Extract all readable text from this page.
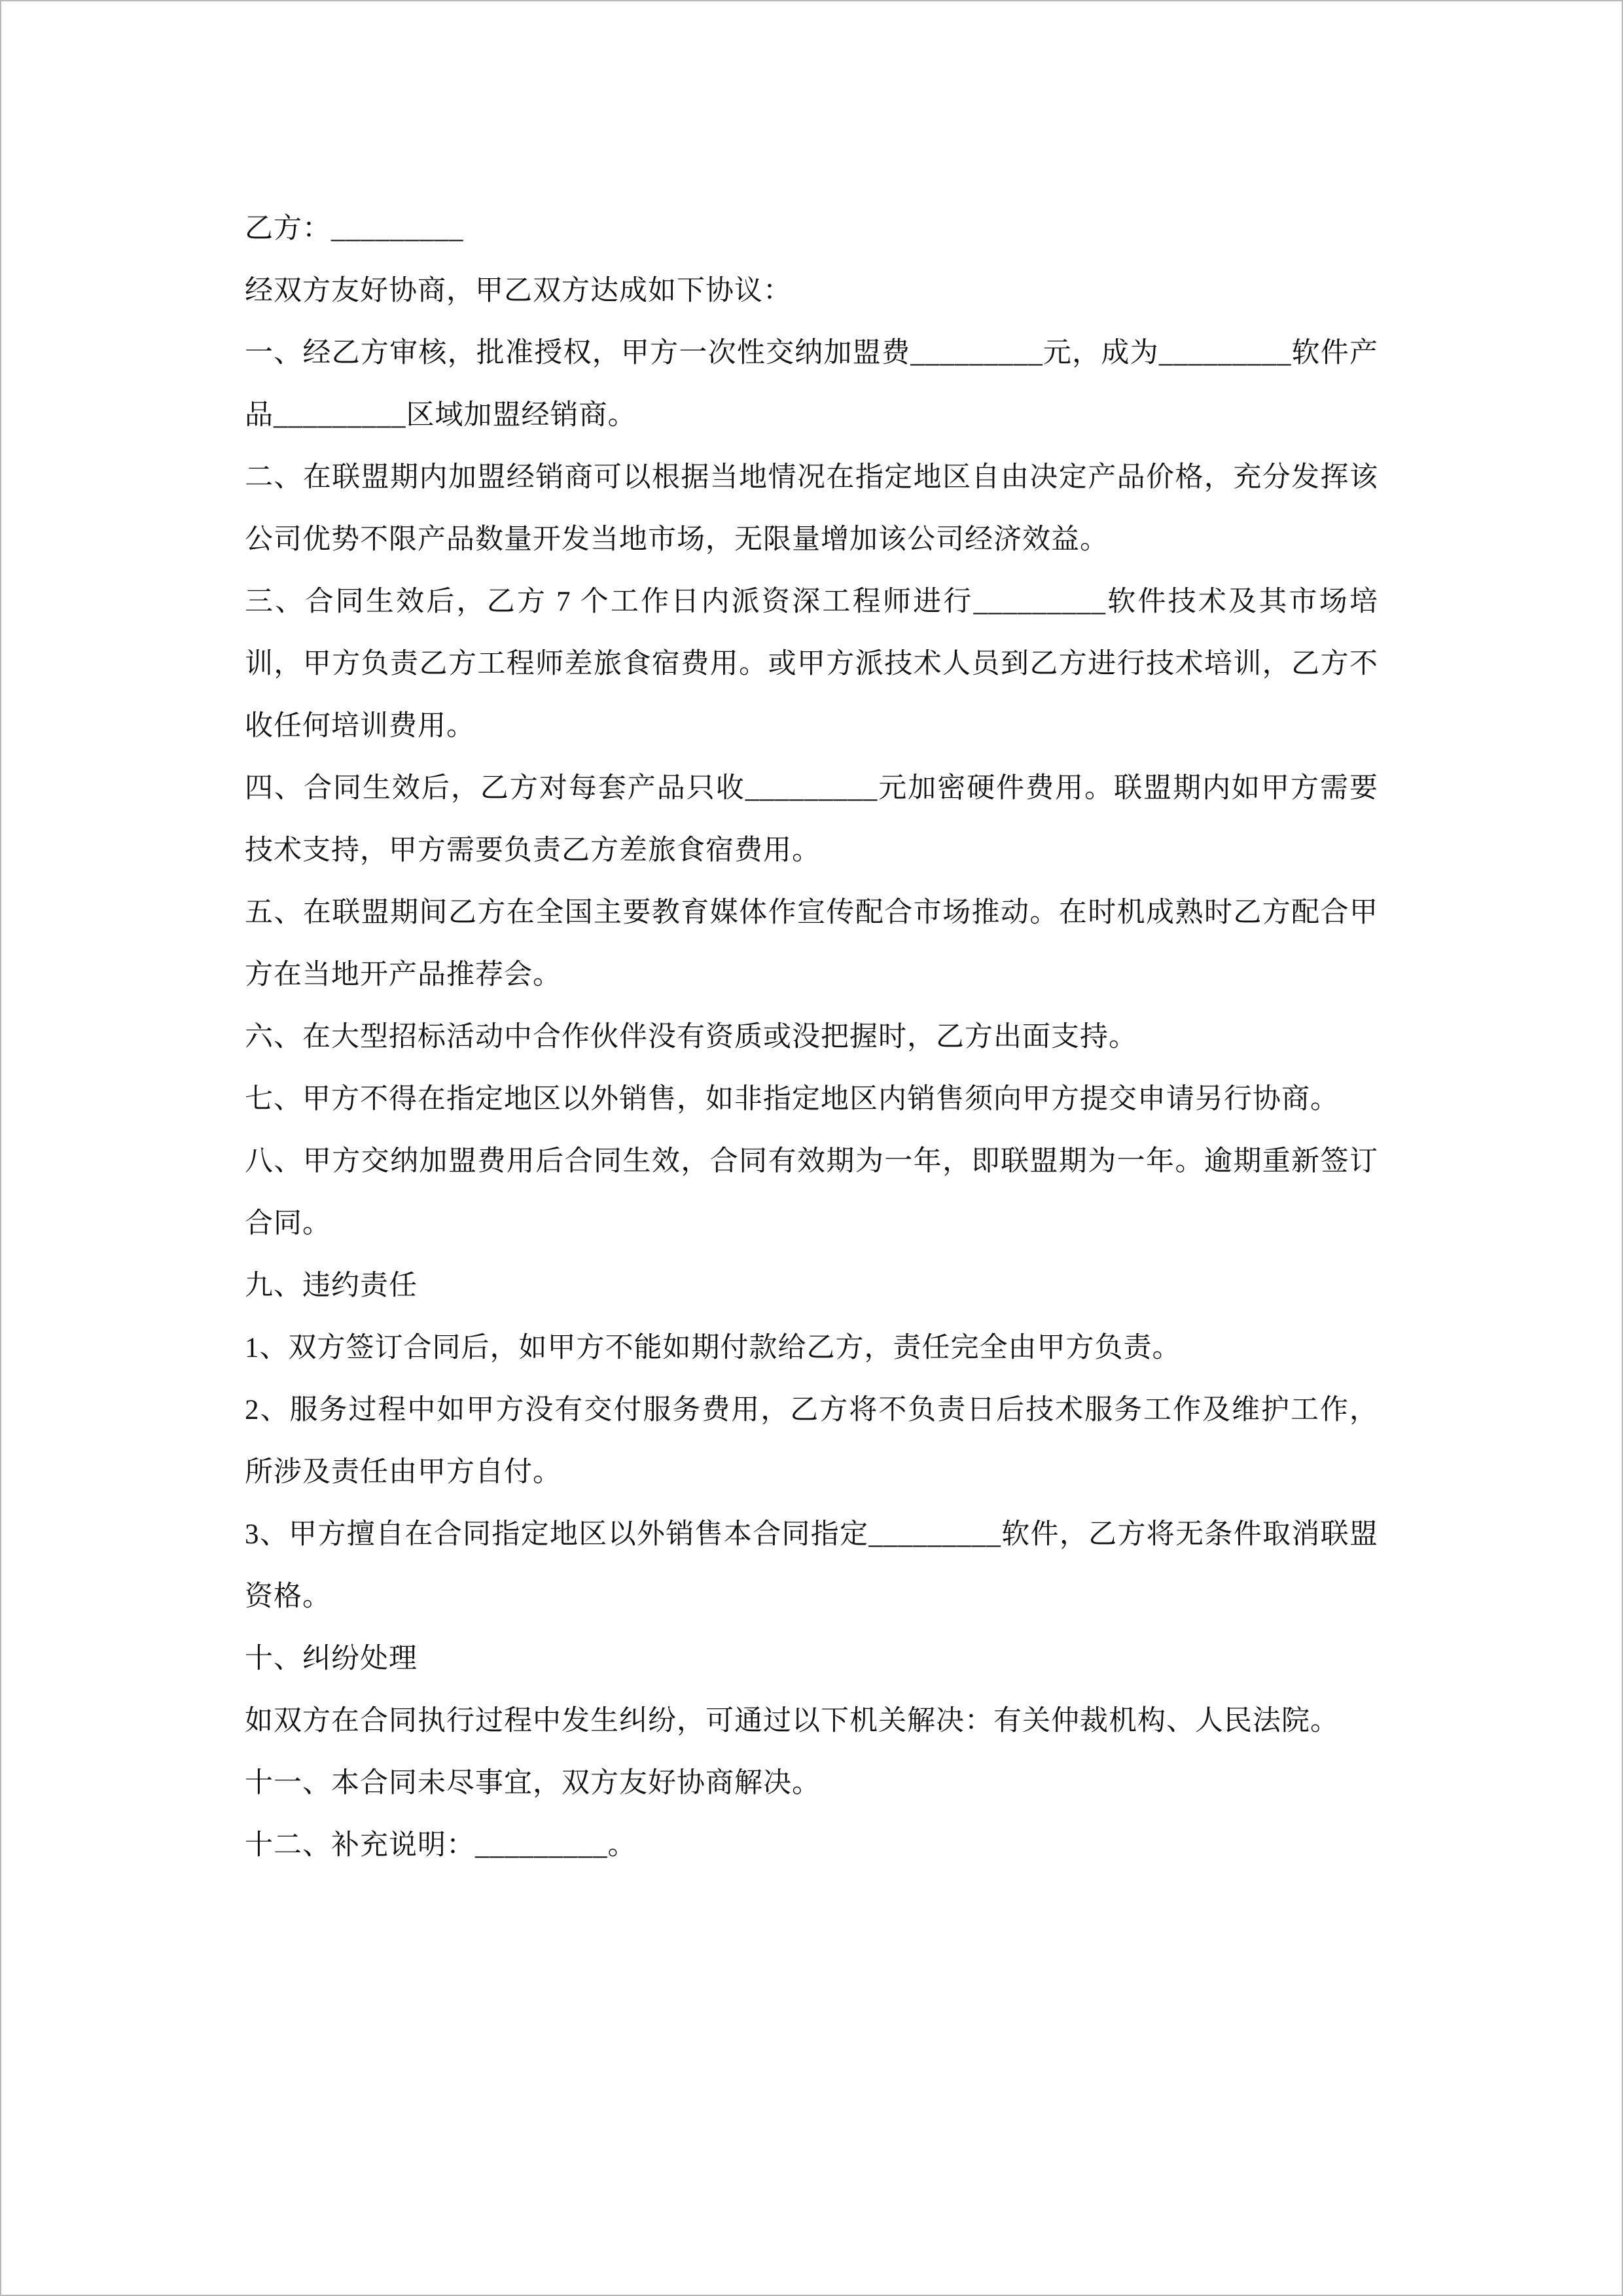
乙方：_________

经双方友好协商，甲乙双方达成如下协议：

一、经乙方审核，批准授权，甲方一次性交纳加盟费_________元，成为_________软件产品_________区域加盟经销商。

二、在联盟期内加盟经销商可以根据当地情况在指定地区自由决定产品价格，充分发挥该公司优势不限产品数量开发当地市场，无限量增加该公司经济效益。

三、合同生效后，乙方 7 个工作日内派资深工程师进行_________软件技术及其市场培训，甲方负责乙方工程师差旅食宿费用。或甲方派技术人员到乙方进行技术培训，乙方不收任何培训费用。

四、合同生效后，乙方对每套产品只收_________元加密硬件费用。联盟期内如甲方需要技术支持，甲方需要负责乙方差旅食宿费用。

五、在联盟期间乙方在全国主要教育媒体作宣传配合市场推动。在时机成熟时乙方配合甲方在当地开产品推荐会。

六、在大型招标活动中合作伙伴没有资质或没把握时，乙方出面支持。

七、甲方不得在指定地区以外销售，如非指定地区内销售须向甲方提交申请另行协商。

八、甲方交纳加盟费用后合同生效，合同有效期为一年，即联盟期为一年。逾期重新签订合同。

九、违约责任

1、双方签订合同后，如甲方不能如期付款给乙方，责任完全由甲方负责。

2、服务过程中如甲方没有交付服务费用，乙方将不负责日后技术服务工作及维护工作，所涉及责任由甲方自付。

3、甲方擅自在合同指定地区以外销售本合同指定_________软件，乙方将无条件取消联盟资格。

十、纠纷处理

如双方在合同执行过程中发生纠纷，可通过以下机关解决：有关仲裁机构、人民法院。

十一、本合同未尽事宜，双方友好协商解决。

十二、补充说明：_________。
